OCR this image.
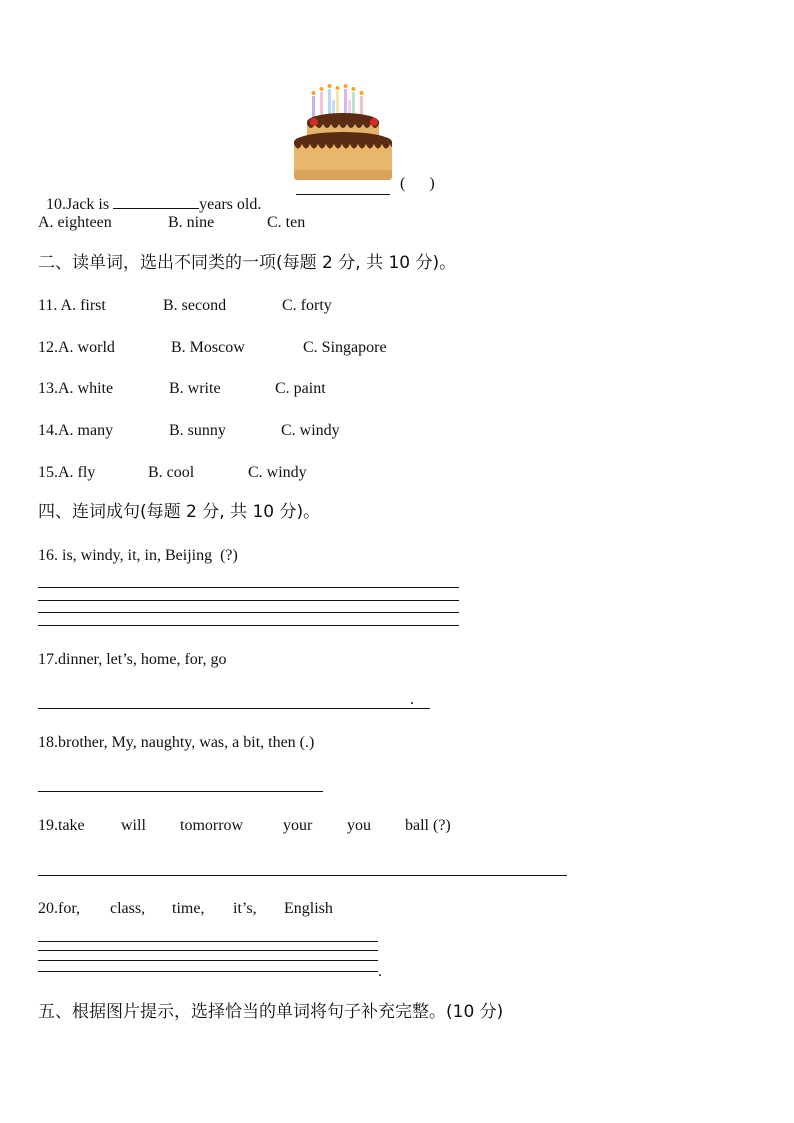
10.Jack is	years old.

(      )
A. eighteen	B. nine	C. ten
二、读单词，选出不同类的一项(每题 2 分, 共 10 分)。
11. A. first	B. second	C. forty
12.A. world	B. Moscow	C. Singapore
13.A. white	B. write	C. paint
14.A. many	B. sunny	C. windy
15.A. fly	B. cool	C. windy
四、连词成句(每题 2 分, 共 10 分)。
16. is, windy, it, in, Beijing  (?)
17.dinner, let’s, home, for, go
.
18.brother, My, naughty, was, a bit, then (.)
19.take will tomorrow your you ball (?)
20.for, class, time, it’s, English
.
五、根据图片提示，选择恰当的单词将句子补充完整。(10 分)
